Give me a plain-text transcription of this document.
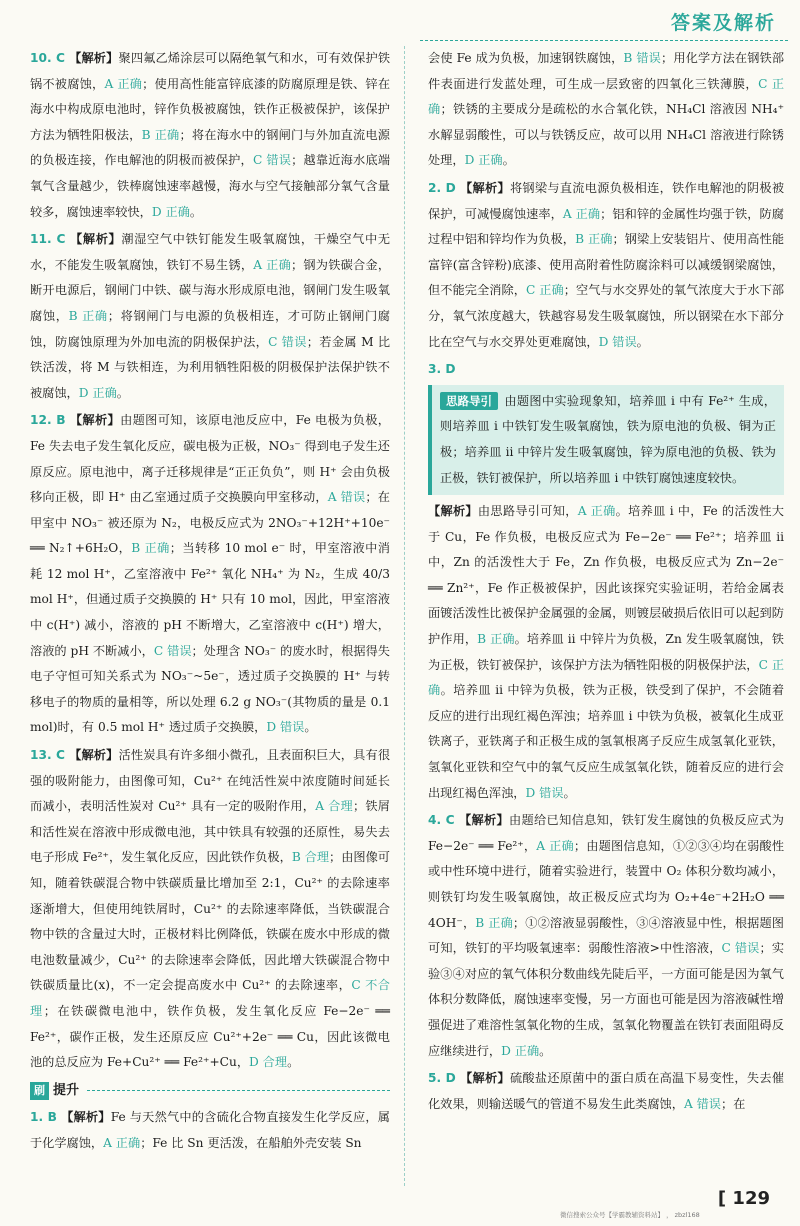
答案及解析
10. C 【解析】聚四氟乙烯涂层可以隔绝氧气和水，可有效保护铁锅不被腐蚀，A 正确；使用高性能富锌底漆的防腐原理是铁、锌在海水中构成原电池时，锌作负极被腐蚀，铁作正极被保护，该保护方法为牺牲阳极法，B 正确；将在海水中的钢闸门与外加直流电源的负极连接，作电解池的阴极而被保护，C 错误；越靠近海水底端氧气含量越少，铁棒腐蚀速率越慢，海水与空气接触部分氧气含量较多，腐蚀速率较快，D 正确。
11. C 【解析】潮湿空气中铁钉能发生吸氧腐蚀，干燥空气中无水，不能发生吸氧腐蚀，铁钉不易生锈，A 正确；钢为铁碳合金，断开电源后，钢闸门中铁、碳与海水形成原电池，钢闸门发生吸氧腐蚀，B 正确；将钢闸门与电源的负极相连，才可防止钢闸门腐蚀，防腐蚀原理为外加电流的阴极保护法，C 错误；若金属 M 比铁活泼，将 M 与铁相连，为利用牺牲阳极的阴极保护法保护铁不被腐蚀，D 正确。
12. B 【解析】由题图可知，该原电池反应中，Fe 电极为负极，Fe 失去电子发生氧化反应，碳电极为正极，NO₃⁻ 得到电子发生还原反应。原电池中，离子迁移规律是“正正负负”，则 H⁺ 会由负极移向正极，即 H⁺ 由乙室通过质子交换膜向甲室移动，A 错误；在甲室中 NO₃⁻ 被还原为 N₂，电极反应式为 2NO₃⁻+12H⁺+10e⁻ ══ N₂↑+6H₂O，B 正确；当转移 10 mol e⁻ 时，甲室溶液中消耗 12 mol H⁺，乙室溶液中 Fe²⁺ 氧化 NH₄⁺ 为 N₂，生成 40/3 mol H⁺，但通过质子交换膜的 H⁺ 只有 10 mol，因此，甲室溶液中 c(H⁺) 减小，溶液的 pH 不断增大，乙室溶液中 c(H⁺) 增大，溶液的 pH 不断减小，C 错误；处理含 NO₃⁻ 的废水时，根据得失电子守恒可知关系式为 NO₃⁻~5e⁻，透过质子交换膜的 H⁺ 与转移电子的物质的量相等，所以处理 6.2 g NO₃⁻(其物质的量是 0.1 mol)时，有 0.5 mol H⁺ 透过质子交换膜，D 错误。
13. C 【解析】活性炭具有许多细小微孔，且表面积巨大，具有很强的吸附能力，由图像可知，Cu²⁺ 在纯活性炭中浓度随时间延长而减小，表明活性炭对 Cu²⁺ 具有一定的吸附作用，A 合理；铁屑和活性炭在溶液中形成微电池，其中铁具有较强的还原性，易失去电子形成 Fe²⁺，发生氧化反应，因此铁作负极，B 合理；由图像可知，随着铁碳混合物中铁碳质量比增加至 2:1，Cu²⁺ 的去除速率逐渐增大，但使用纯铁屑时，Cu²⁺ 的去除速率降低，当铁碳混合物中铁的含量过大时，正极材料比例降低，铁碳在废水中形成的微电池数量减少，Cu²⁺ 的去除速率会降低，因此增大铁碳混合物中铁碳质量比(x)，不一定会提高废水中 Cu²⁺ 的去除速率，C 不合理；在铁碳微电池中，铁作负极，发生氧化反应 Fe−2e⁻ ══ Fe²⁺，碳作正极，发生还原反应 Cu²⁺+2e⁻ ══ Cu，因此该微电池的总反应为 Fe+Cu²⁺ ══ Fe²⁺+Cu，D 合理。
刷 提升
1. B 【解析】Fe 与天然气中的含硫化合物直接发生化学反应，属于化学腐蚀，A 正确；Fe 比 Sn 更活泼，在船舶外壳安装 Sn
会使 Fe 成为负极，加速钢铁腐蚀，B 错误；用化学方法在钢铁部件表面进行发蓝处理，可生成一层致密的四氧化三铁薄膜，C 正确；铁锈的主要成分是疏松的水合氧化铁，NH₄Cl 溶液因 NH₄⁺ 水解显弱酸性，可以与铁锈反应，故可以用 NH₄Cl 溶液进行除锈处理，D 正确。
2. D 【解析】将钢梁与直流电源负极相连，铁作电解池的阴极被保护，可减慢腐蚀速率，A 正确；铝和锌的金属性均强于铁，防腐过程中铝和锌均作为负极，B 正确；钢梁上安装铝片、使用高性能富锌(富含锌粉)底漆、使用高附着性防腐涂料可以减缓钢梁腐蚀，但不能完全消除，C 正确；空气与水交界处的氧气浓度大于水下部分，氧气浓度越大，铁越容易发生吸氧腐蚀，所以钢梁在水下部分比在空气与水交界处更难腐蚀，D 错误。
3. D
思路导引 由题图中实验现象知，培养皿 i 中有 Fe²⁺ 生成，则培养皿 i 中铁钉发生吸氧腐蚀，铁为原电池的负极、铜为正极；培养皿 ii 中锌片发生吸氧腐蚀，锌为原电池的负极、铁为正极，铁钉被保护，所以培养皿 i 中铁钉腐蚀速度较快。
【解析】由思路导引可知，A 正确。培养皿 i 中，Fe 的活泼性大于 Cu，Fe 作负极，电极反应式为 Fe−2e⁻ ══ Fe²⁺；培养皿 ii 中，Zn 的活泼性大于 Fe，Zn 作负极，电极反应式为 Zn−2e⁻ ══ Zn²⁺，Fe 作正极被保护，因此该探究实验证明，若给金属表面镀活泼性比被保护金属强的金属，则镀层破损后依旧可以起到防护作用，B 正确。培养皿 ii 中锌片为负极，Zn 发生吸氧腐蚀，铁为正极，铁钉被保护，该保护方法为牺牲阳极的阴极保护法，C 正确。培养皿 ii 中锌为负极，铁为正极，铁受到了保护，不会随着反应的进行出现红褐色浑浊；培养皿 i 中铁为负极，被氧化生成亚铁离子，亚铁离子和正极生成的氢氧根离子反应生成氢氧化亚铁，氢氧化亚铁和空气中的氧气反应生成氢氧化铁，随着反应的进行会出现红褐色浑浊，D 错误。
4. C 【解析】由题给已知信息知，铁钉发生腐蚀的负极反应式为 Fe−2e⁻ ══ Fe²⁺，A 正确；由题图信息知，①②③④均在弱酸性或中性环境中进行，随着实验进行，装置中 O₂ 体积分数均减小，则铁钉均发生吸氧腐蚀，故正极反应式均为 O₂+4e⁻+2H₂O ══ 4OH⁻，B 正确；①②溶液显弱酸性，③④溶液显中性，根据题图可知，铁钉的平均吸氧速率：弱酸性溶液>中性溶液，C 错误；实验③④对应的氧气体积分数曲线先陡后平，一方面可能是因为氧气体积分数降低，腐蚀速率变慢，另一方面也可能是因为溶液碱性增强促进了难溶性氢氧化物的生成，氢氧化物覆盖在铁钉表面阻碍反应继续进行，D 正确。
5. D 【解析】硫酸盐还原菌中的蛋白质在高温下易变性，失去催化效果，则输送暖气的管道不易发生此类腐蚀，A 错误；在
[ 129
微信搜索公众号【学霸教辅资料站】 ， zbzl168
